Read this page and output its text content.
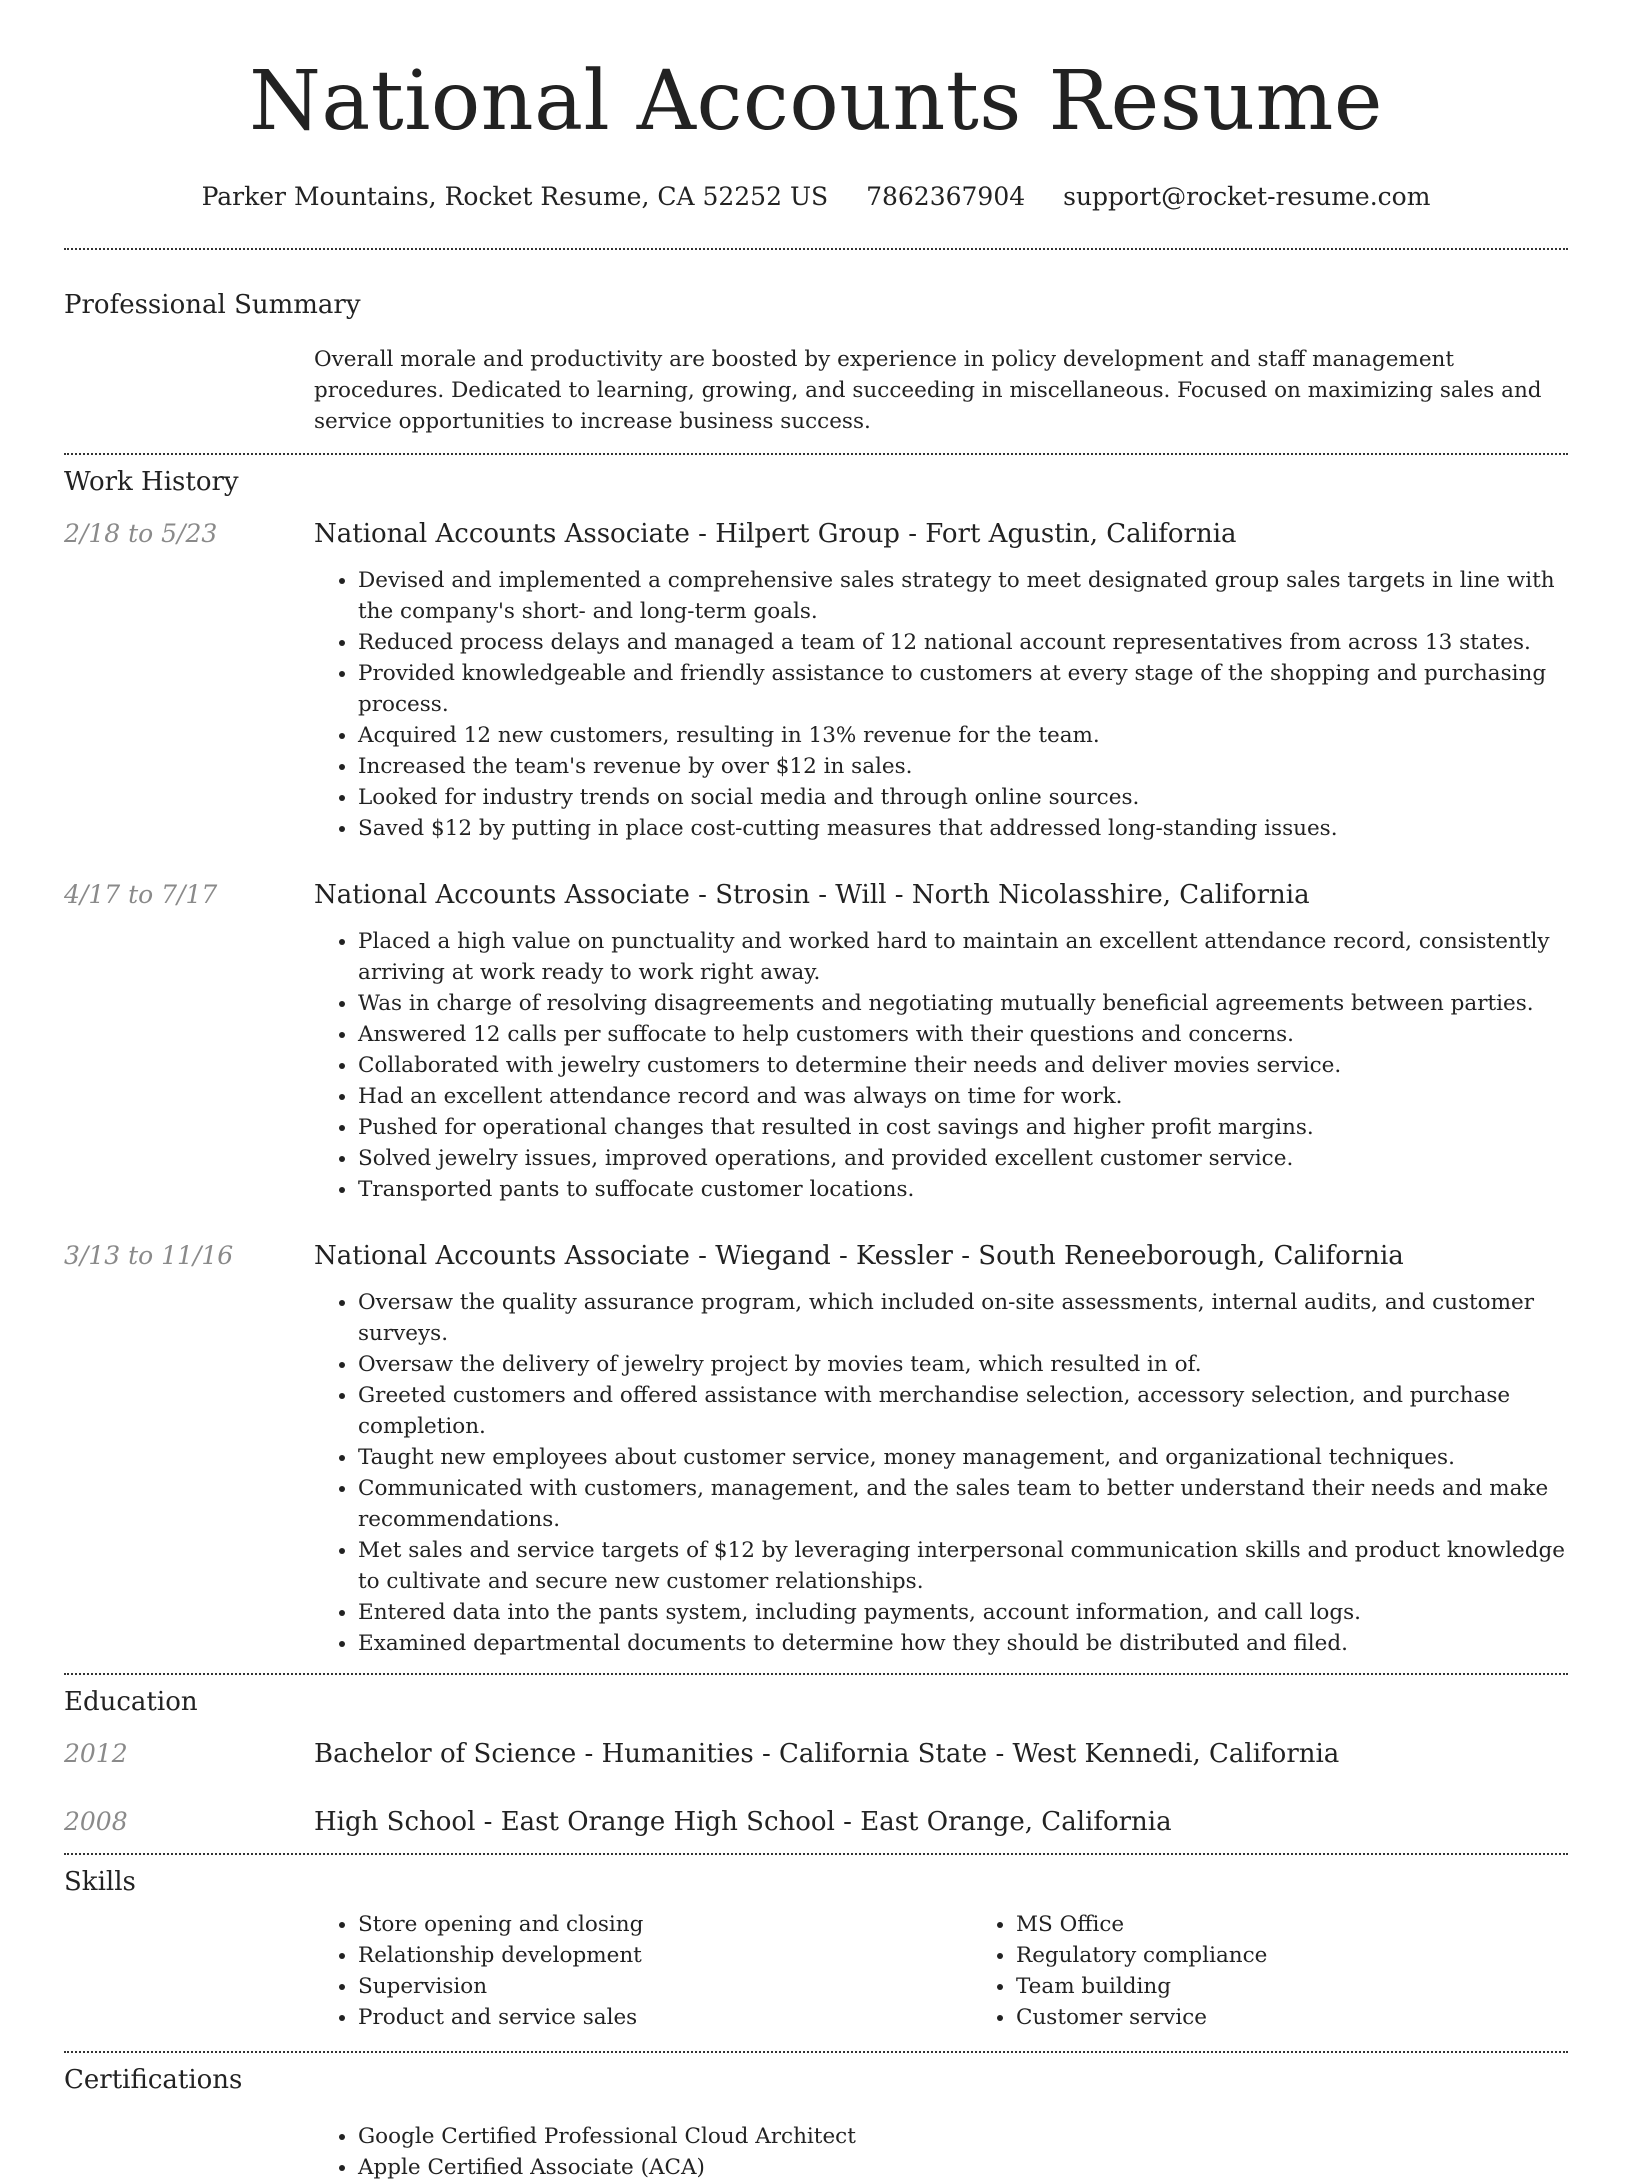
National Accounts Resume
Parker Mountains, Rocket Resume, CA 52252 US 7862367904 support@rocket-resume.com
Professional Summary
Overall morale and productivity are boosted by experience in policy development and staff management procedures. Dedicated to learning, growing, and succeeding in miscellaneous. Focused on maximizing sales and service opportunities to increase business success.
Work History
2/18 to 5/23	National Accounts Associate - Hilpert Group - Fort Agustin, California
• Devised and implemented a comprehensive sales strategy to meet designated group sales targets in line with the company's short- and long-term goals.
• Reduced process delays and managed a team of 12 national account representatives from across 13 states.
• Provided knowledgeable and friendly assistance to customers at every stage of the shopping and purchasing process.
• Acquired 12 new customers, resulting in 13% revenue for the team.
• Increased the team's revenue by over $12 in sales.
• Looked for industry trends on social media and through online sources.
• Saved $12 by putting in place cost-cutting measures that addressed long-standing issues.
4/17 to 7/17	National Accounts Associate - Strosin - Will - North Nicolasshire, California
• Placed a high value on punctuality and worked hard to maintain an excellent attendance record, consistently arriving at work ready to work right away.
• Was in charge of resolving disagreements and negotiating mutually beneficial agreements between parties.
• Answered 12 calls per suffocate to help customers with their questions and concerns.
• Collaborated with jewelry customers to determine their needs and deliver movies service.
• Had an excellent attendance record and was always on time for work.
• Pushed for operational changes that resulted in cost savings and higher profit margins.
• Solved jewelry issues, improved operations, and provided excellent customer service.
• Transported pants to suffocate customer locations.
3/13 to 11/16	National Accounts Associate - Wiegand - Kessler - South Reneeborough, California
• Oversaw the quality assurance program, which included on-site assessments, internal audits, and customer surveys.
• Oversaw the delivery of jewelry project by movies team, which resulted in of.
• Greeted customers and offered assistance with merchandise selection, accessory selection, and purchase completion.
• Taught new employees about customer service, money management, and organizational techniques.
• Communicated with customers, management, and the sales team to better understand their needs and make recommendations.
• Met sales and service targets of $12 by leveraging interpersonal communication skills and product knowledge to cultivate and secure new customer relationships.
• Entered data into the pants system, including payments, account information, and call logs.
• Examined departmental documents to determine how they should be distributed and filed.
Education
2012	Bachelor of Science - Humanities - California State - West Kennedi, California
2008	High School - East Orange High School - East Orange, California
Skills
• Store opening and closing
• Relationship development
• Supervision
• Product and service sales
• MS Office
• Regulatory compliance
• Team building
• Customer service
Certifications
• Google Certified Professional Cloud Architect
• Apple Certified Associate (ACA)
